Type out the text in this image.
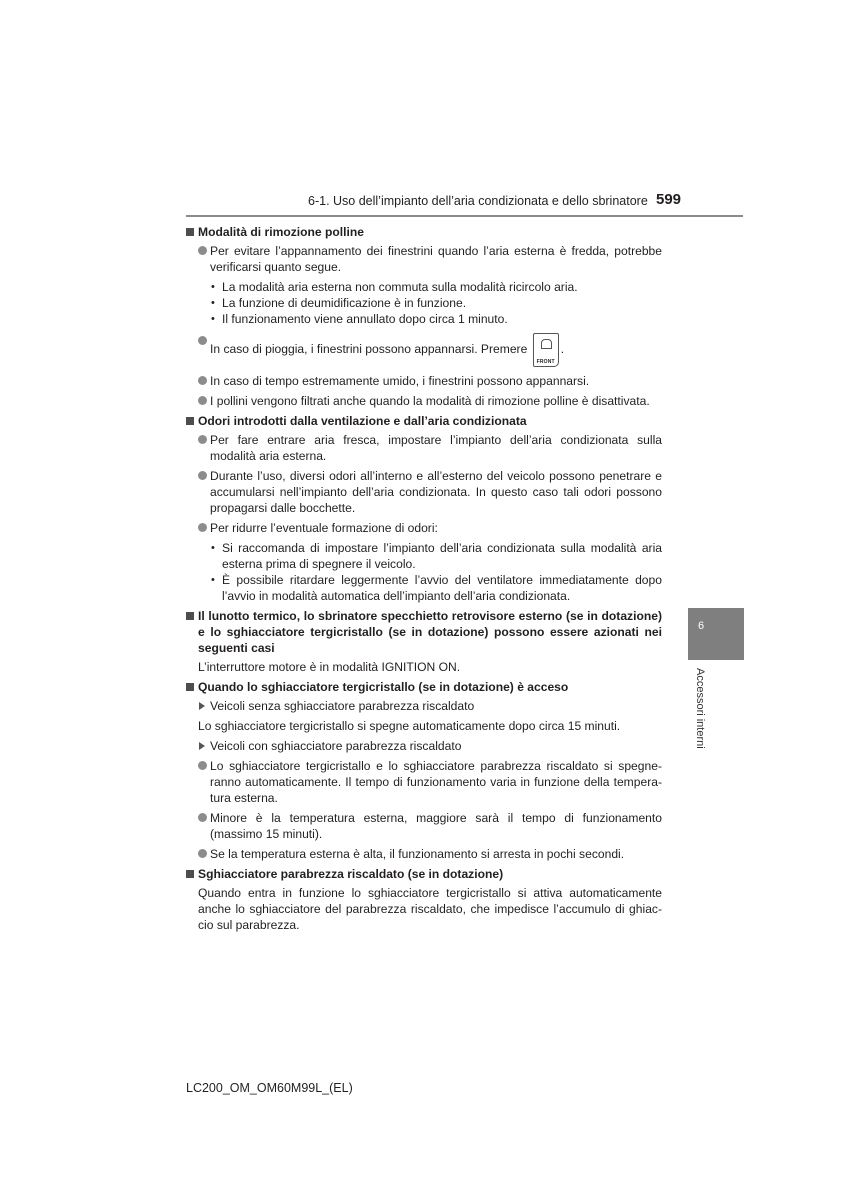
6-1. Uso dell’impianto dell’aria condizionata e dello sbrinatore 599
6
Accessori interni

Modalità di rimozione polline

Per evitare l’appannamento dei finestrini quando l’aria esterna è fredda, potrebbe verificarsi quanto segue.

• La modalità aria esterna non commuta sulla modalità ricircolo aria.

• La funzione di deumidificazione è in funzione.

• Il funzionamento viene annullato dopo circa 1 minuto.

In caso di pioggia, i finestrini possono appannarsi. Premere
FRONT
.

In caso di tempo estremamente umido, i finestrini possono appannarsi.

I pollini vengono filtrati anche quando la modalità di rimozione polline è disattivata.

Odori introdotti dalla ventilazione e dall’aria condizionata

Per fare entrare aria fresca, impostare l’impianto dell’aria condizionata sulla modalità aria esterna.

Durante l’uso, diversi odori all’interno e all’esterno del veicolo possono penetrare e accumularsi nell’impianto dell’aria condizionata. In questo caso tali odori possono propagarsi dalle bocchette.

Per ridurre l’eventuale formazione di odori:

• Si raccomanda di impostare l’impianto dell’aria condizionata sulla modalità aria esterna prima di spegnere il veicolo.

• È possibile ritardare leggermente l’avvio del ventilatore immediatamente dopo l’avvio in modalità automatica dell’impianto dell’aria condizionata.

Il lunotto termico, lo sbrinatore specchietto retrovisore esterno (se in dotazione) e lo sghiacciatore tergicristallo (se in dotazione) possono essere azionati nei seguenti casi

L’interruttore motore è in modalità IGNITION ON.

Quando lo sghiacciatore tergicristallo (se in dotazione) è acceso

Veicoli senza sghiacciatore parabrezza riscaldato

Lo sghiacciatore tergicristallo si spegne automaticamente dopo circa 15 minuti.

Veicoli con sghiacciatore parabrezza riscaldato

Lo sghiacciatore tergicristallo e lo sghiacciatore parabrezza riscaldato si spegne-ranno automaticamente. Il tempo di funzionamento varia in funzione della tempera-tura esterna.

Minore è la temperatura esterna, maggiore sarà il tempo di funzionamento (massimo 15 minuti).

Se la temperatura esterna è alta, il funzionamento si arresta in pochi secondi.

Sghiacciatore parabrezza riscaldato (se in dotazione)

Quando entra in funzione lo sghiacciatore tergicristallo si attiva automaticamente anche lo sghiacciatore del parabrezza riscaldato, che impedisce l’accumulo di ghiac-cio sul parabrezza.

LC200_OM_OM60M99L_(EL)
